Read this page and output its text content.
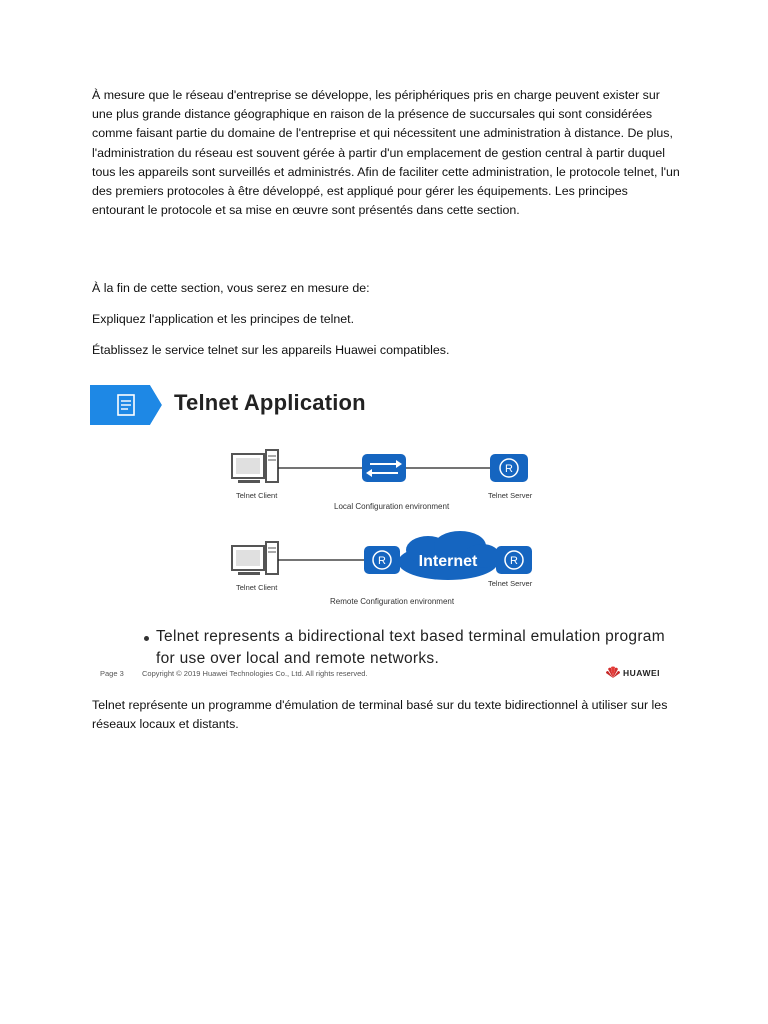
À mesure que le réseau d'entreprise se développe, les périphériques pris en charge peuvent exister sur une plus grande distance géographique en raison de la présence de succursales qui sont considérées comme faisant partie du domaine de l'entreprise et qui nécessitent une administration à distance. De plus, l'administration du réseau est souvent gérée à partir d'un emplacement de gestion central à partir duquel tous les appareils sont surveillés et administrés. Afin de faciliter cette administration, le protocole telnet, l'un des premiers protocoles à être développé, est appliqué pour gérer les équipements. Les principes entourant le protocole et sa mise en œuvre sont présentés dans cette section.

À la fin de cette section, vous serez en mesure de:

Expliquez l'application et les principes de telnet.

Établissez le service telnet sur les appareils Huawei compatibles.

Telnet Application
R
Telnet Client	Telnet Server
Local Configuration environment
R Internet	R
Telnet Client	Telnet Server
Remote Configuration environment
Telnet represents a bidirectional text based terminal emulation program
for use over local and remote networks.
Page 3 Copyright © 2019 Huawei Technologies Co., Ltd. All rights reserved.	HUAWEI

Telnet représente un programme d'émulation de terminal basé sur du texte bidirectionnel à utiliser sur les réseaux locaux et distants.
